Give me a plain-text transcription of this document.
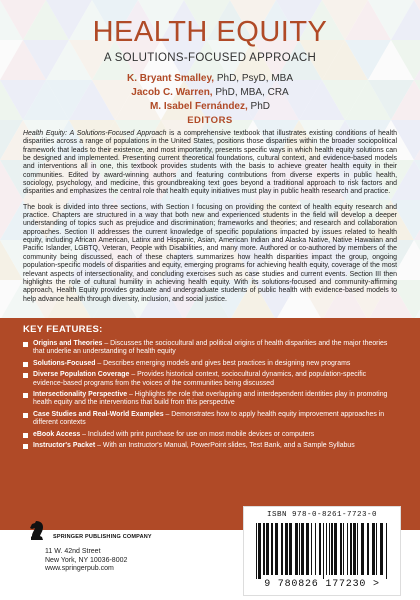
HEALTH EQUITY
A SOLUTIONS-FOCUSED APPROACH
K. Bryant Smalley, PhD, PsyD, MBA
Jacob C. Warren, PhD, MBA, CRA
M. Isabel Fernández, PhD
EDITORS

Health Equity: A Solutions-Focused Approach is a comprehensive textbook that illustrates existing conditions of health disparities across a range of populations in the United States, positions those disparities within the broader sociopolitical framework that leads to their existence, and most importantly, presents specific ways in which health equity solutions can be designed and implemented. Presenting current theoretical foundations, cultural context, and evidence-based models and interventions all in one, this textbook provides students with the basis to achieve greater health equity in their communities. Edited by award-winning authors and featuring contributions from diverse experts in public health, sociology, psychology, and medicine, this groundbreaking text goes beyond a traditional approach to risk factors and disparities and emphasizes the central role that health equity initiatives must play in public health research and practice.

The book is divided into three sections, with Section I focusing on providing the context of health equity research and practice. Chapters are structured in a way that both new and experienced students in the field will develop a deeper understanding of topics such as prejudice and discrimination; frameworks and theories; and research and collaboration approaches. Section II addresses the current knowledge of specific populations impacted by issues related to health equity, including African American, Latinx and Hispanic, Asian, American Indian and Alaska Native, Native Hawaiian and Pacific Islander, LGBTQ, Veteran, People with Disabilities, and many more. Authored or co-authored by members of the community being discussed, each of these chapters summarizes how health disparities impact the group, ongoing population-specific models of disparities and equity, emerging programs for achieving health equity, coverage of the most relevant aspects of intersectionality, and concluding exercises such as case studies and current events. Section III then highlights the role of cultural humility in achieving health equity. With its solutions-focused and community-affirming approach, Health Equity provides graduate and undergraduate students of public health with evidence-based models to help advance health through diversity, inclusion, and social justice.

KEY FEATURES:
Origins and Theories – Discusses the sociocultural and political origins of health disparities and the major theories that underlie an understanding of health equity
Solutions-Focused – Describes emerging models and gives best practices in designing new programs
Diverse Population Coverage – Provides historical context, sociocultural dynamics, and population-specific evidence-based programs from the voices of the communities being discussed
Intersectionality Perspective – Highlights the role that overlapping and interdependent identities play in promoting health equity and the interventions that build from this perspective
Case Studies and Real-World Examples – Demonstrates how to apply health equity improvement approaches in different contexts
eBook Access – Included with print purchase for use on most mobile devices or computers
Instructor's Packet – With an Instructor's Manual, PowerPoint slides, Test Bank, and a Sample Syllabus
SPRINGER PUBLISHING COMPANY
11 W. 42nd Street
New York, NY 10036-8002
www.springerpub.com
ISBN 978-0-8261-7723-0
9 780826 177230 >
